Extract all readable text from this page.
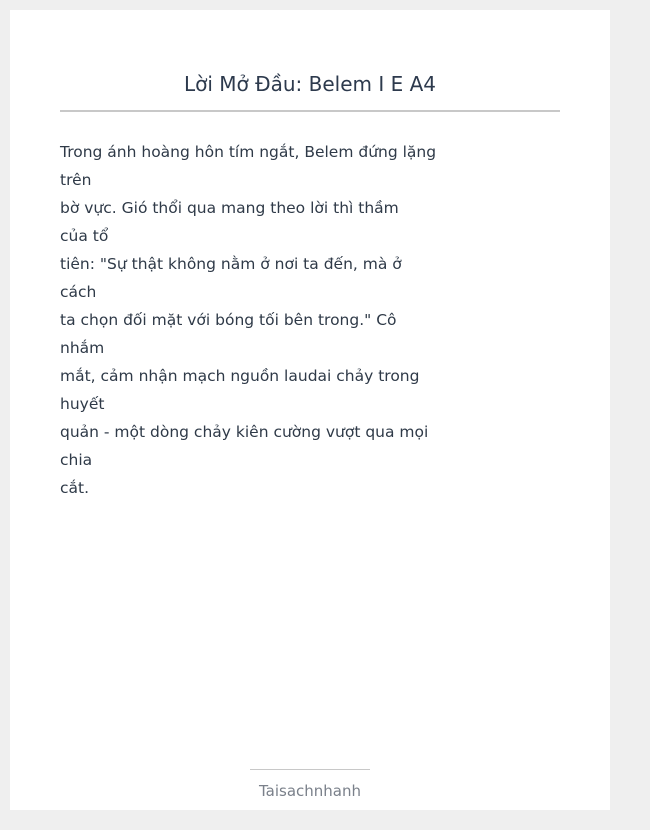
Lời Mở Đầu: Belem I E A4
Trong ánh hoàng hôn tím ngắt, Belem đứng lặng
trên
bờ vực. Gió thổi qua mang theo lời thì thầm
của tổ
tiên: "Sự thật không nằm ở nơi ta đến, mà ở
cách
ta chọn đối mặt với bóng tối bên trong." Cô
nhắm
mắt, cảm nhận mạch nguồn laudai chảy trong
huyết
quản - một dòng chảy kiên cường vượt qua mọi
chia
cắt.
Taisachnhanh
